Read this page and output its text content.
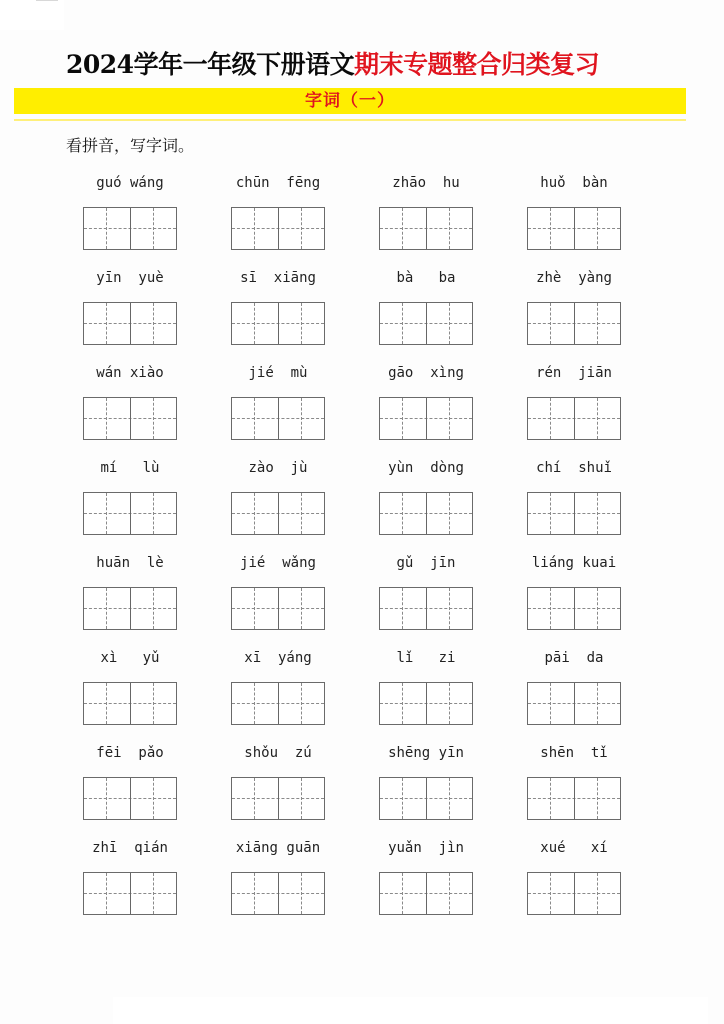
2024学年一年级下册语文期末专题整合归类复习
字词（一）
看拼音，写字词。
guó wáng	chūn  fēng	zhāo  hu	huǒ  bàn
yīn  yuè	sī  xiāng	bà   ba	zhè  yàng
wán xiào	jié  mù	gāo  xìng	rén  jiān
mí   lù	zào  jù	yùn  dòng	chí  shuǐ
huān  lè	jié  wǎng	gǔ  jīn	liáng kuai
xì   yǔ	xī  yáng	lǐ   zi	pāi  da
fēi  pǎo	shǒu  zú	shēng yīn	shēn  tǐ
zhī  qián	xiāng guān	yuǎn  jìn	xué   xí
